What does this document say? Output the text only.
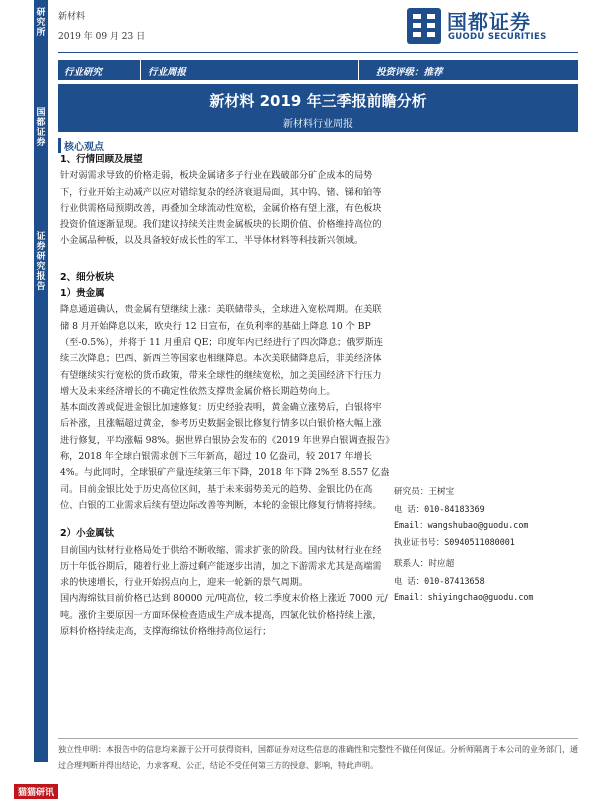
研究所
国都证券
证券研究报告
新材料
2019 年 09 月 23 日
国都证券
GUODU SECURITIES
行业研究	行业周报	投资评级：推荐
新材料 2019 年三季报前瞻分析
新材料行业周报
核心观点
1、行情回顾及展望

针对弱需求导致的价格走弱，板块金属诸多子行业在践破部分矿企成本的局势下，行业开始主动减产以应对错综复杂的经济衰退局面，其中钨、锗、锑和铂等行业供需格局预期改善，再叠加全球流动性宽松，金属价格有望上涨，有色板块投资价值逐渐显现。我们建议持续关注贵金属板块的长期价值、价格维持高位的小金属品种板，以及具备较好成长性的军工、半导体材料等科技新兴领域。

2、细分板块
1）贵金属

降息通道确认，贵金属有望继续上涨：美联储带头，全球进入宽松周期。在美联储 8 月开始降息以来，欧央行 12 日宣布，在负利率的基础上降息 10 个 BP（至-0.5%），并将于 11 月重启 QE；印度年内已经进行了四次降息；俄罗斯连续三次降息；巴西、新西兰等国家也相继降息。本次美联储降息后，非美经济体有望继续实行宽松的货币政策，带来全球性的继续宽松，加之美国经济下行压力增大及未来经济增长的不确定性依然支撑贵金属价格长期趋势向上。

基本面改善或促进金银比加速修复：历史经验表明，黄金确立涨势后，白银将牢后补涨，且涨幅超过黄金，参考历史数据金银比修复行情多以白银价格大幅上涨进行修复，平均涨幅 98%。据世界白银协会发布的《2019 年世界白银调查报告》称，2018 年全球白银需求创下三年新高，超过 10 亿盎司，较 2017 年增长 4%。与此同时，全球银矿产量连续第三年下降，2018 年下降 2%至 8.557 亿盎司。目前金银比处于历史高位区间，基于未来弱势美元的趋势、金银比仍在高位、白银的工业需求后续有望边际改善等判断，本轮的金银比修复行情将持续。

2）小金属钛

目前国内钛材行业格局处于供给不断收缩、需求扩张的阶段。国内钛材行业在经历十年低谷期后，随着行业上游过剩产能逐步出清，加之下游需求尤其是高端需求的快速增长，行业开始拐点向上，迎来一轮新的景气周期。

国内海绵钛目前价格已达到 80000 元/吨高位，较二季度末价格上涨近 7000 元/吨。涨价主要原因一方面环保检查造成生产成本提高，四氯化钛价格持续上涨，原料价格持续走高，支撑海绵钛价格维持高位运行；

研究员：王树宝
电 话：010-84183369
Email：wangshubao@guodu.com
执业证书号：S0940511080001
联系人：时应超
电 话：010-87413658
Email：shiyingchao@guodu.com
独立性申明：本报告中的信息均来源于公开可获得资料，国都证券对这些信息的准确性和完整性不做任何保证。分析师隔离于本公司的业务部门，通过合理判断并得出结论，力求客观、公正，结论不受任何第三方的授意、影响，特此声明。
猫猫研讯
